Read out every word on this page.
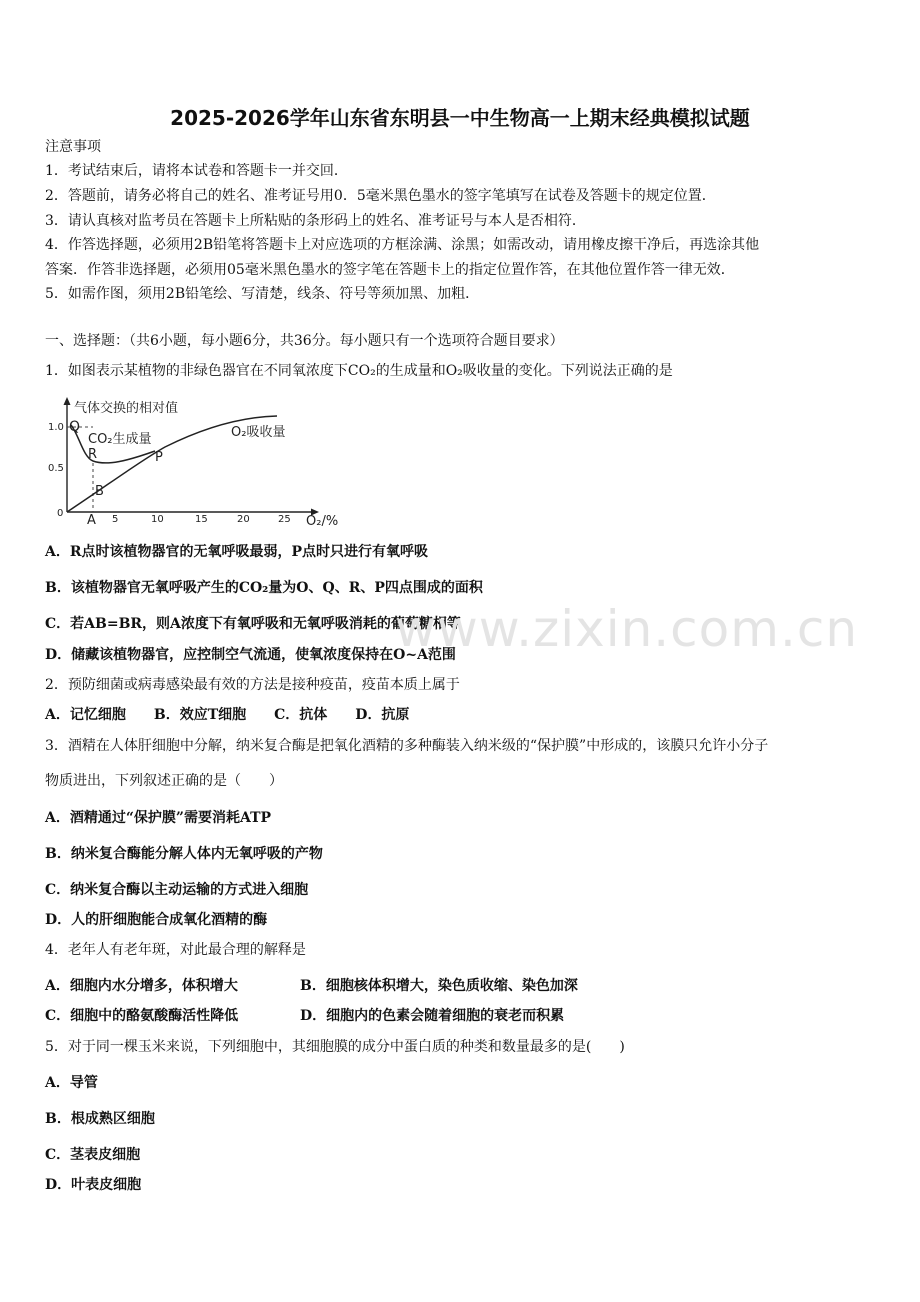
2025-2026学年山东省东明县一中生物高一上期末经典模拟试题
注意事项
1．考试结束后，请将本试卷和答题卡一并交回．
2．答题前，请务必将自己的姓名、准考证号用0．5毫米黑色墨水的签字笔填写在试卷及答题卡的规定位置．
3．请认真核对监考员在答题卡上所粘贴的条形码上的姓名、准考证号与本人是否相符．
4．作答选择题，必须用2B铅笔将答题卡上对应选项的方框涂满、涂黑；如需改动，请用橡皮擦干净后，再选涂其他
答案．作答非选择题，必须用05毫米黑色墨水的签字笔在答题卡上的指定位置作答，在其他位置作答一律无效．
5．如需作图，须用2B铅笔绘、写清楚，线条、符号等须加黑、加粗．
一、选择题：（共6小题，每小题6分，共36分。每小题只有一个选项符合题目要求）
1．如图表示某植物的非绿色器官在不同氧浓度下CO₂的生成量和O₂吸收量的变化。下列说法正确的是
气体交换的相对值
O₂/%
1.0
0.5
0
5	10	15	20	25
Q
R	P
A
B
CO₂生成量	O₂吸收量
A．R点时该植物器官的无氧呼吸最弱，P点时只进行有氧呼吸
B．该植物器官无氧呼吸产生的CO₂量为O、Q、R、P四点围成的面积
C．若AB=BR，则A浓度下有氧呼吸和无氧呼吸消耗的葡萄糖相等
D．储藏该植物器官，应控制空气流通，使氧浓度保持在O~A范围
2．预防细菌或病毒感染最有效的方法是接种疫苗，疫苗本质上属于
A．记忆细胞 B．效应T细胞 C．抗体 D．抗原
3．酒精在人体肝细胞中分解，纳米复合酶是把氧化酒精的多种酶装入纳米级的“保护膜”中形成的，该膜只允许小分子
物质进出，下列叙述正确的是（　　）
A．酒精通过“保护膜”需要消耗ATP
B．纳米复合酶能分解人体内无氧呼吸的产物
C．纳米复合酶以主动运输的方式进入细胞
D．人的肝细胞能合成氧化酒精的酶
4．老年人有老年斑，对此最合理的解释是
A．细胞内水分增多，体积增大	B．细胞核体积增大，染色质收缩、染色加深
C．细胞中的酪氨酸酶活性降低	D．细胞内的色素会随着细胞的衰老而积累
5．对于同一棵玉米来说，下列细胞中，其细胞膜的成分中蛋白质的种类和数量最多的是(　　)
A．导管
B．根成熟区细胞
C．茎表皮细胞
D．叶表皮细胞
www.zixin.com.cn
